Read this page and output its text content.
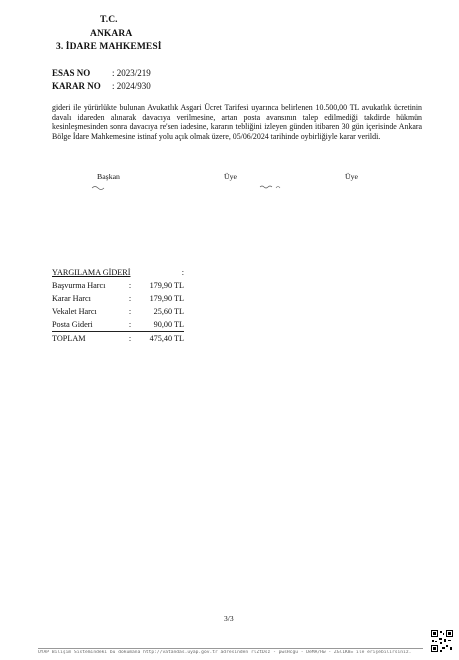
T.C.
ANKARA
3. İDARE MAHKEMESİ
ESAS NO : 2023/219
KARAR NO : 2024/930
gideri ile yürürlükte bulunan Avukatlık Asgari Ücret Tarifesi uyarınca belirlenen 10.500,00 TL avukatlık ücretinin davalı idareden alınarak davacıya verilmesine, artan posta avansının talep edilmediği takdirde hükmün kesinleşmesinden sonra davacıya re'sen iadesine, kararın tebliğini izleyen günden itibaren 30 gün içerisinde Ankara Bölge İdare Mahkemesine istinaf yolu açık olmak üzere, 05/06/2024 tarihinde oybirliğiyle karar verildi.
Başkan	Üye	Üye
YARGILAMA GİDERİ		:
Başvurma Harcı	:	179,90 TL
Karar Harcı	:	179,90 TL
Vekalet Harcı	:	25,60 TL
Posta Gideri	:	90,00 TL
TOPLAM	:	475,40 TL
3/3
UYAP Bilişim Sistemindeki bu dokümana http://vatandas.uyap.gov.tr adresinden rlZtDsz - pwsHcgu - DeMA/Hw - ZGl1K8= ile erişebilirsiniz.
